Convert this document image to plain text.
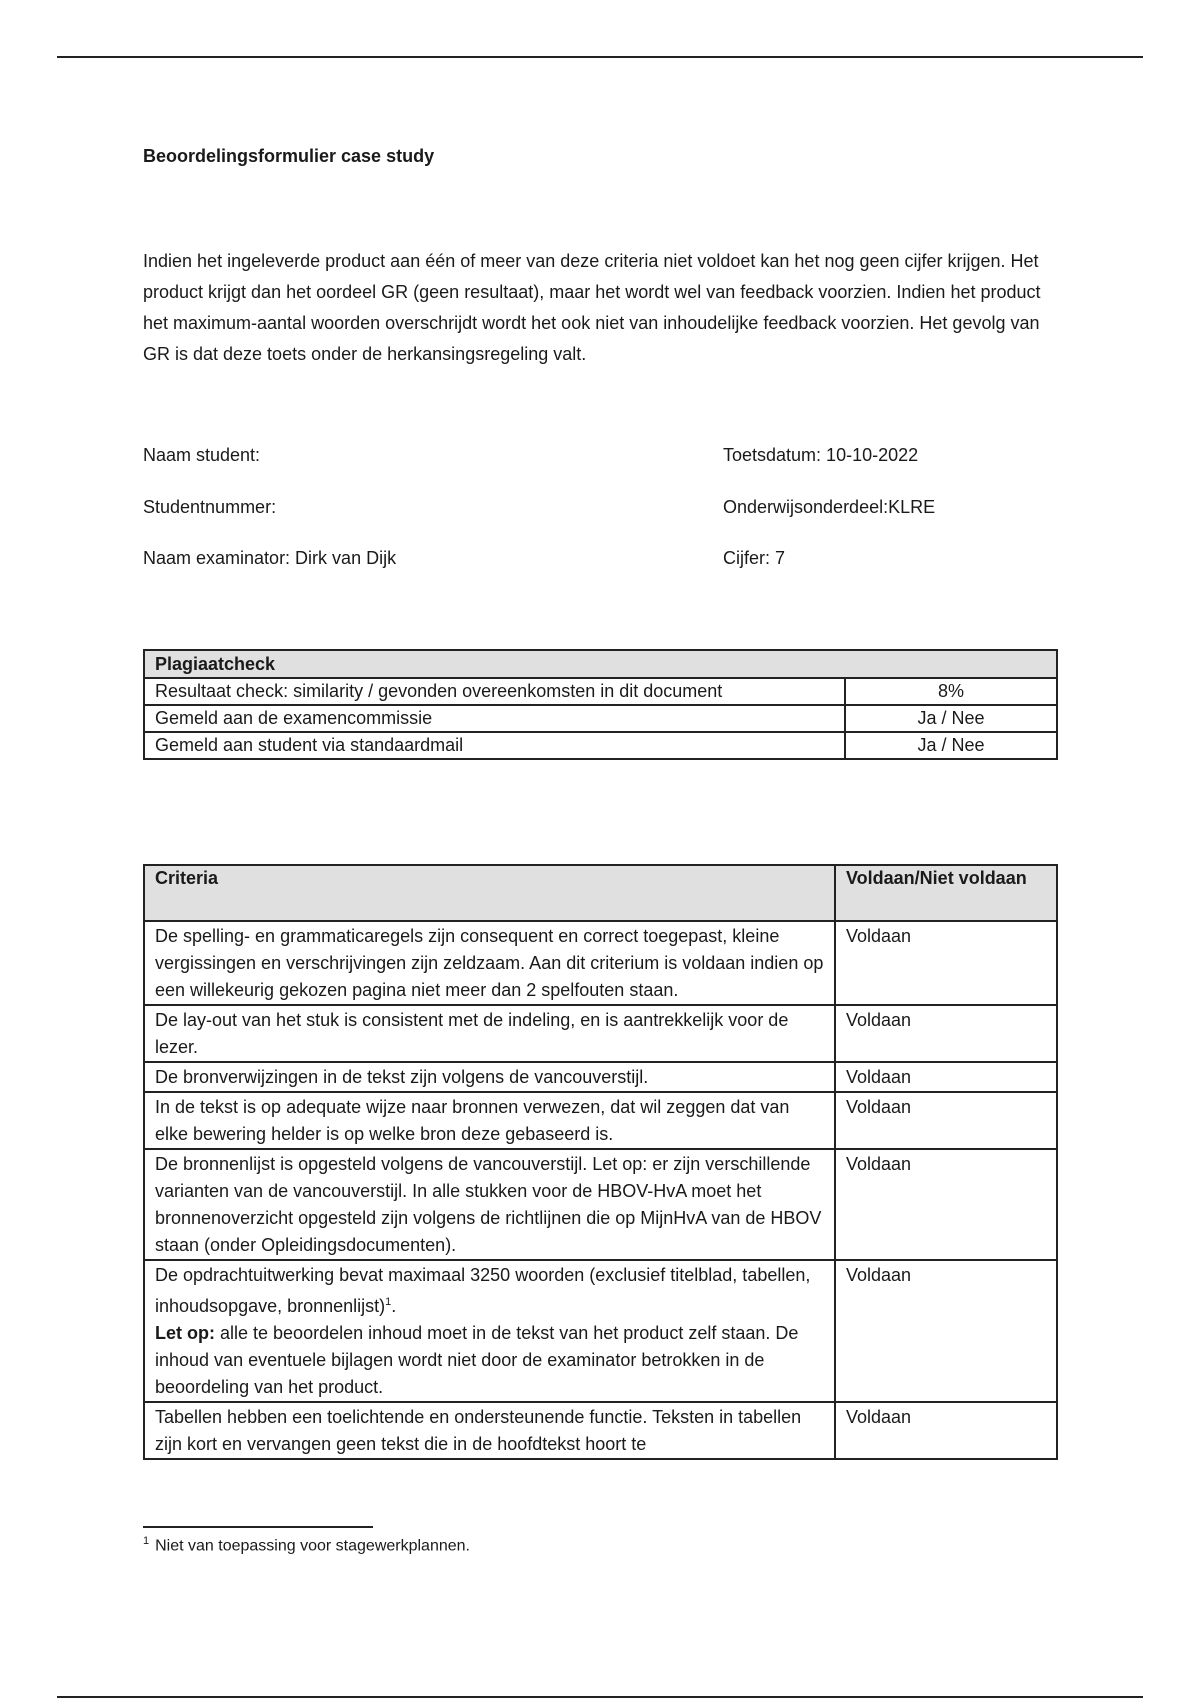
Beoordelingsformulier case study
Indien het ingeleverde product aan één of meer van deze criteria niet voldoet kan het nog geen cijfer krijgen. Het product krijgt dan het oordeel GR (geen resultaat), maar het wordt wel van feedback voorzien. Indien het product het maximum-aantal woorden overschrijdt wordt het ook niet van inhoudelijke feedback voorzien. Het gevolg van GR is dat deze toets onder de herkansingsregeling valt.
Naam student:
Studentnummer:
Naam examinator: Dirk van Dijk
Toetsdatum: 10-10-2022
Onderwijsonderdeel:KLRE
Cijfer: 7
Plagiaatcheck	
Resultaat check: similarity / gevonden overeenkomsten in dit document	8%
Gemeld aan de examencommissie	Ja / Nee
Gemeld aan student via standaardmail	Ja / Nee
Criteria	Voldaan/Niet voldaan
De spelling- en grammaticaregels zijn consequent en correct toegepast, kleine vergissingen en verschrijvingen zijn zeldzaam. Aan dit criterium is voldaan indien op een willekeurig gekozen pagina niet meer dan 2 spelfouten staan.	Voldaan
De lay-out van het stuk is consistent met de indeling, en is aantrekkelijk voor de lezer.	Voldaan
De bronverwijzingen in de tekst zijn volgens de vancouverstijl.	Voldaan
In de tekst is op adequate wijze naar bronnen verwezen, dat wil zeggen dat van elke bewering helder is op welke bron deze gebaseerd is.	Voldaan
De bronnenlijst is opgesteld volgens de vancouverstijl. Let op: er zijn verschillende varianten van de vancouverstijl. In alle stukken voor de HBOV-HvA moet het bronnenoverzicht opgesteld zijn volgens de richtlijnen die op MijnHvA van de HBOV staan (onder Opleidingsdocumenten).	Voldaan
De opdrachtuitwerking bevat maximaal 3250 woorden (exclusief titelblad, tabellen, inhoudsopgave, bronnenlijst)$^1$.
Let op: alle te beoordelen inhoud moet in de tekst van het product zelf staan. De inhoud van eventuele bijlagen wordt niet door de examinator betrokken in de beoordeling van het product.	Voldaan
Tabellen hebben een toelichtende en ondersteunende functie. Teksten in tabellen zijn kort en vervangen geen tekst die in de hoofdtekst hoort te	Voldaan
$^1$ Niet van toepassing voor stagewerkplannen.
